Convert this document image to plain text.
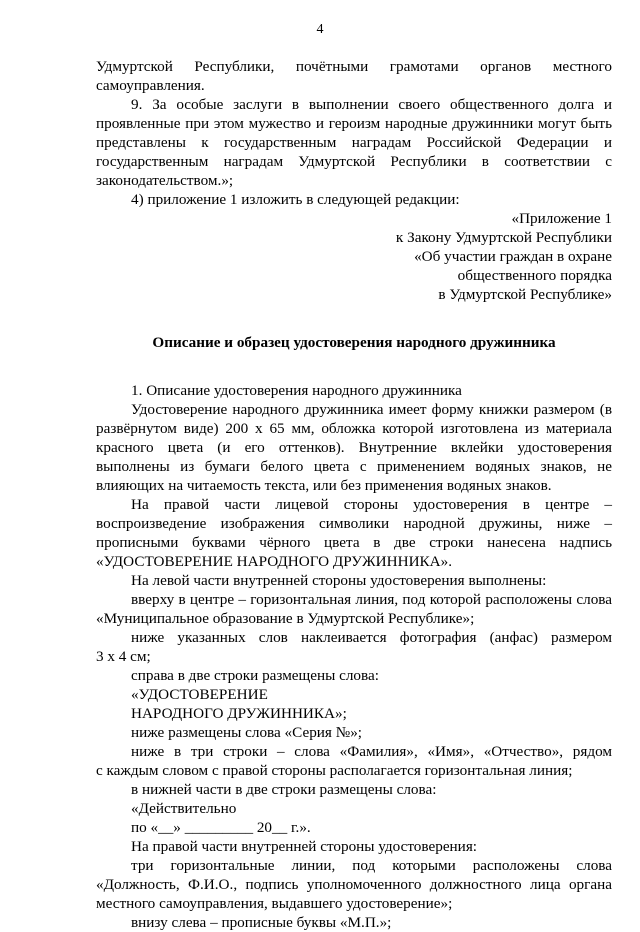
4

Удмуртской Республики, почётными грамотами органов местного

самоуправления.

9. За особые заслуги в выполнении своего общественного долга и

проявленные при этом мужество и героизм народные дружинники могут быть

представлены к государственным наградам Российской Федерации и

государственным наградам Удмуртской Республики в соответствии с

законодательством.»;

4) приложение 1 изложить в следующей редакции:

«Приложение 1

к Закону Удмуртской Республики

«Об участии граждан в охране

общественного порядка

в Удмуртской Республике»

Описание и образец удостоверения народного дружинника

1. Описание удостоверения народного дружинника

Удостоверение народного дружинника имеет форму книжки размером (в

развёрнутом виде) 200 х 65 мм, обложка которой изготовлена из материала

красного цвета (и его оттенков). Внутренние вклейки удостоверения

выполнены из бумаги белого цвета с применением водяных знаков, не

влияющих на читаемость текста, или без применения водяных знаков.

На правой части лицевой стороны удостоверения в центре –

воспроизведение изображения символики народной дружины, ниже –

прописными буквами чёрного цвета в две строки нанесена надпись

«УДОСТОВЕРЕНИЕ НАРОДНОГО ДРУЖИННИКА».

На левой части внутренней стороны удостоверения выполнены:

вверху в центре – горизонтальная линия, под которой расположены слова

«Муниципальное образование в Удмуртской Республике»;

ниже указанных слов наклеивается фотография (анфас) размером

3 х 4 см;

справа в две строки размещены слова:

«УДОСТОВЕРЕНИЕ

НАРОДНОГО ДРУЖИННИКА»;

ниже размещены слова «Серия №»;

ниже в три строки – слова «Фамилия», «Имя», «Отчество», рядом

с каждым словом с правой стороны располагается горизонтальная линия;

в нижней части в две строки размещены слова:

«Действительно

по «__» _________ 20__ г.».

На правой части внутренней стороны удостоверения:

три горизонтальные линии, под которыми расположены слова

«Должность, Ф.И.О., подпись уполномоченного должностного лица органа

местного самоуправления, выдавшего удостоверение»;

внизу слева – прописные буквы «М.П.»;
